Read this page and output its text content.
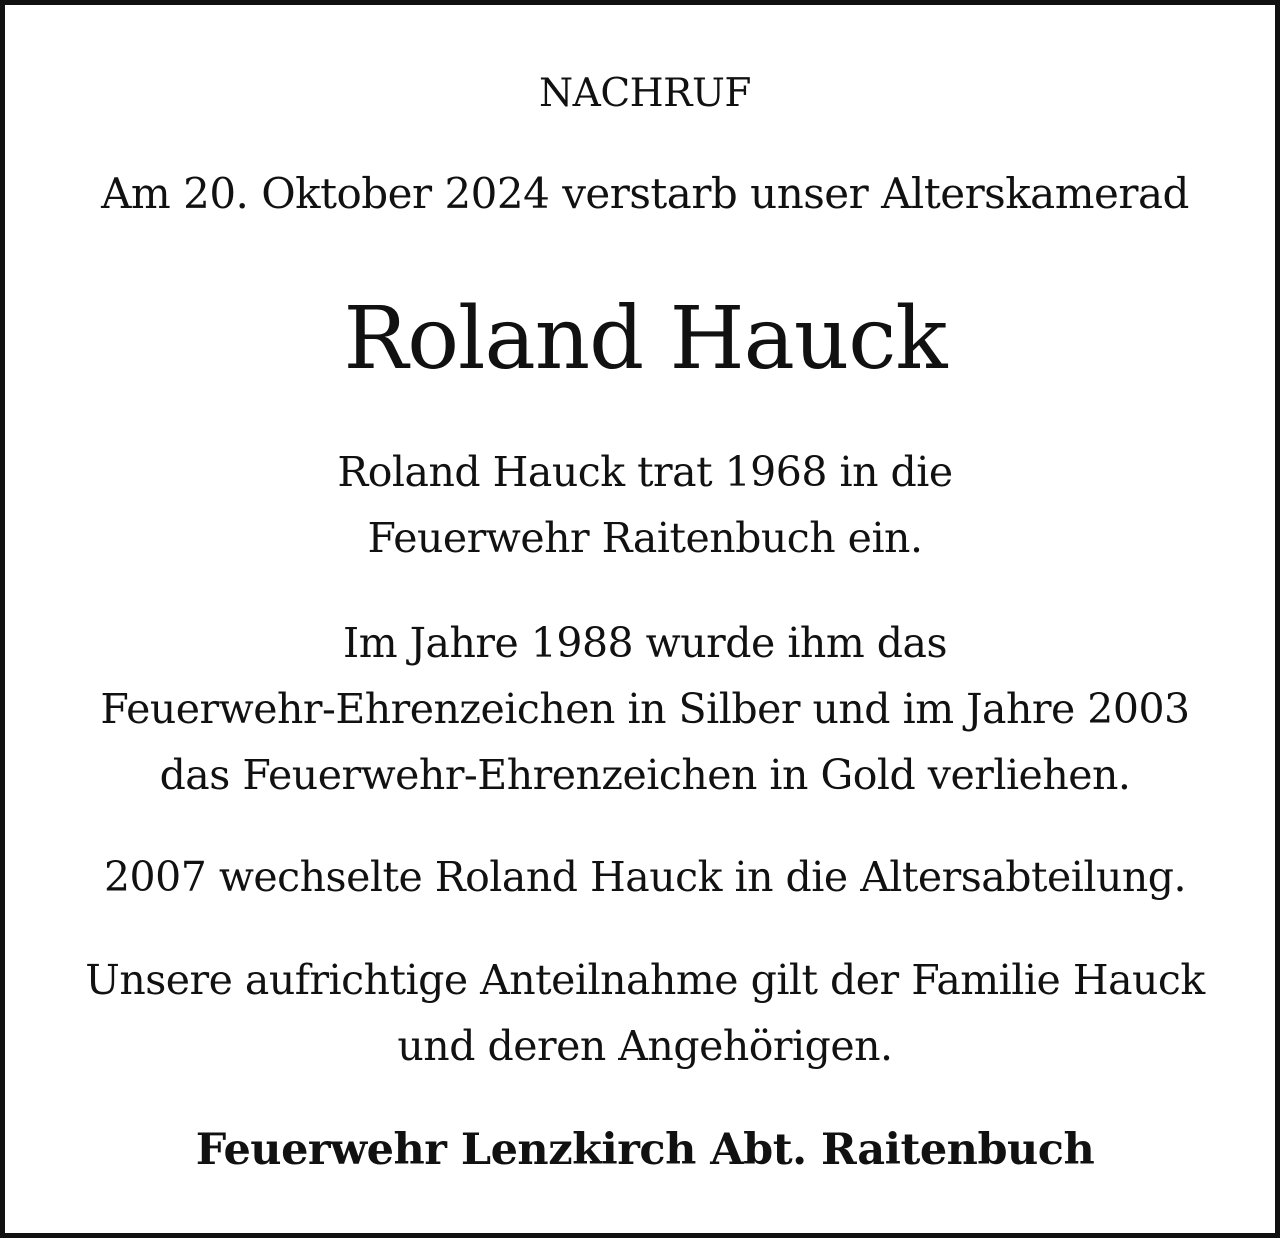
NACHRUF
Am 20. Oktober 2024 verstarb unser Alterskamerad
Roland Hauck
Roland Hauck trat 1968 in die
Feuerwehr Raitenbuch ein.
Im Jahre 1988 wurde ihm das
Feuerwehr-Ehrenzeichen in Silber und im Jahre 2003
das Feuerwehr-Ehrenzeichen in Gold verliehen.
2007 wechselte Roland Hauck in die Altersabteilung.
Unsere aufrichtige Anteilnahme gilt der Familie Hauck
und deren Angehörigen.
Feuerwehr Lenzkirch Abt. Raitenbuch
